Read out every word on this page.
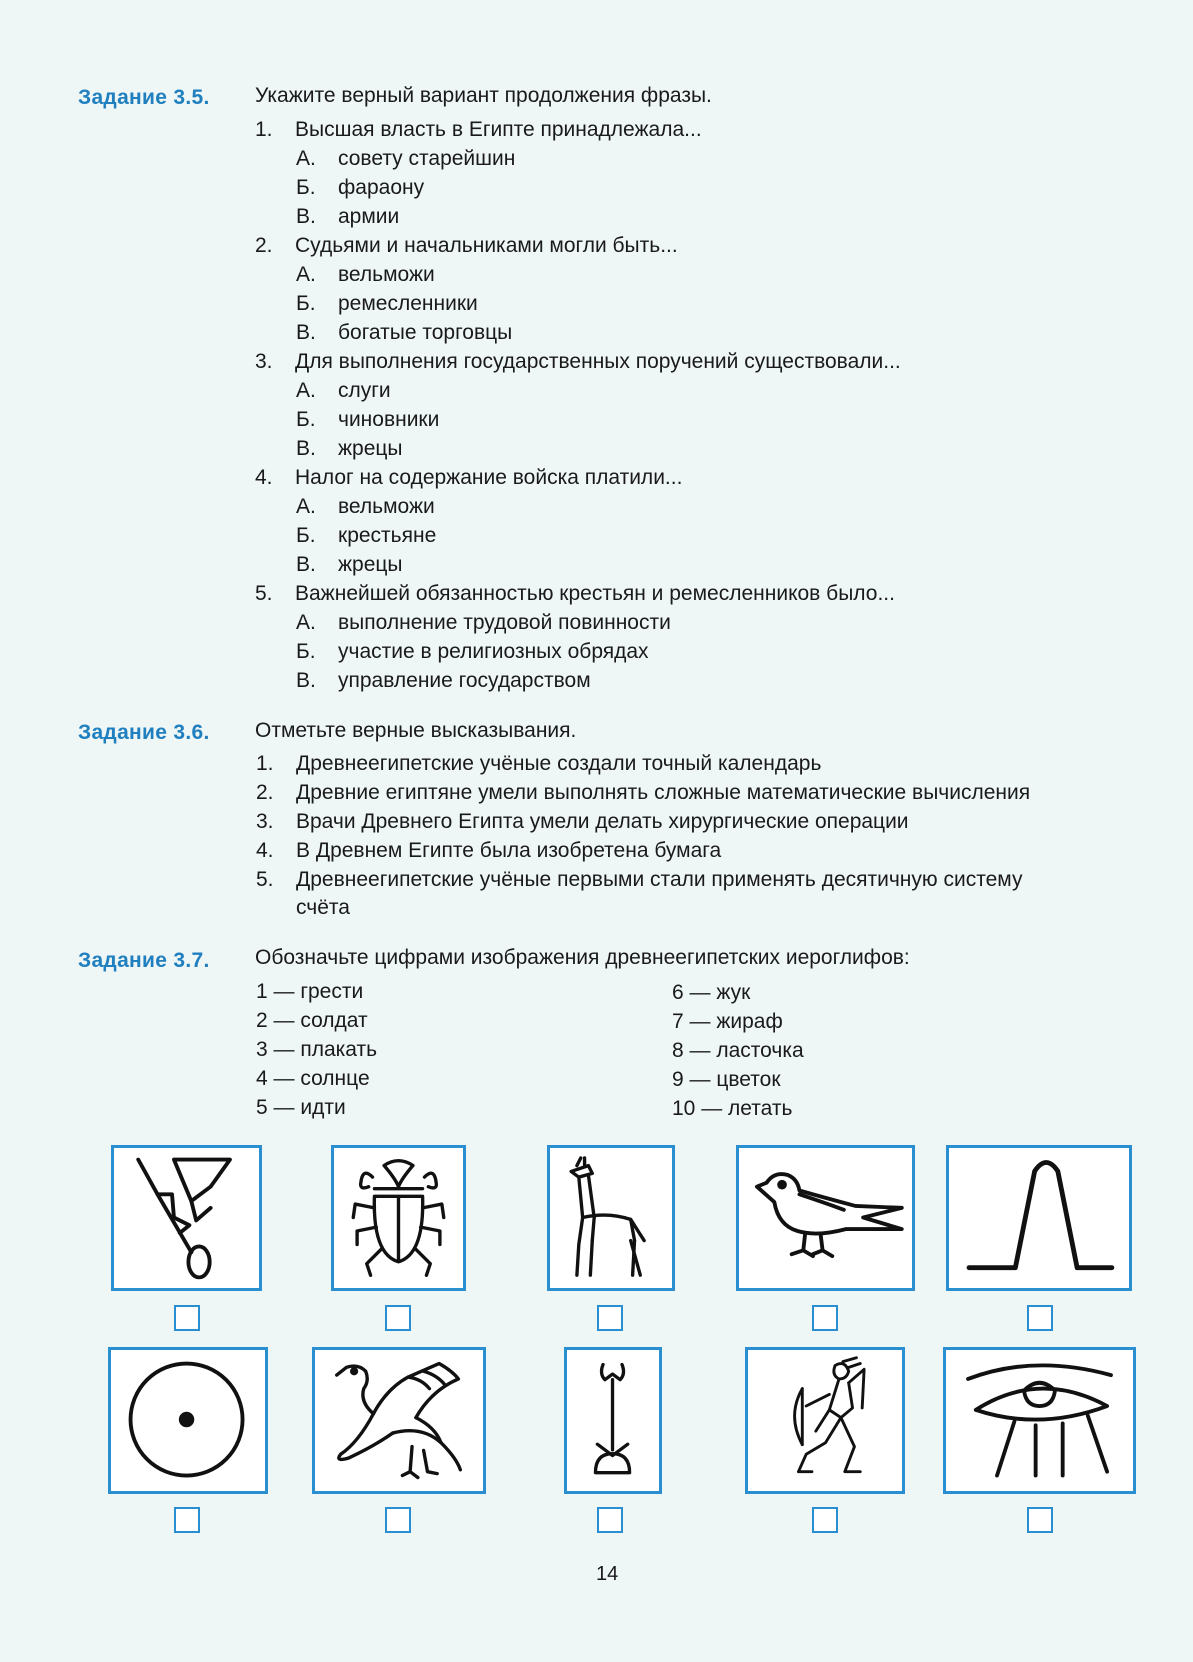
Задание 3.5.	Укажите верный вариант продолжения фразы.
1. Высшая власть в Египте принадлежала...
А. совету старейшин
Б. фараону
В. армии
2. Судьями и начальниками могли быть...
А. вельможи
Б. ремесленники
В. богатые торговцы
3. Для выполнения государственных поручений существовали...
А. слуги
Б. чиновники
В. жрецы
4. Налог на содержание войска платили...
А. вельможи
Б. крестьяне
В. жрецы
5. Важнейшей обязанностью крестьян и ремесленников было...
А. выполнение трудовой повинности
Б. участие в религиозных обрядах
В. управление государством
Задание 3.6.	Отметьте верные высказывания.
1. Древнеегипетские учёные создали точный календарь
2. Древние египтяне умели выполнять сложные математические вычисления
3. Врачи Древнего Египта умели делать хирургические операции
4. В Древнем Египте была изобретена бумага
5. Древнеегипетские учёные первыми стали применять десятичную систему
счёта
Задание 3.7.	Обозначьте цифрами изображения древнеегипетских иероглифов:
1 — грести
2 — солдат
3 — плакать
4 — солнце
5 — идти
6 — жук
7 — жираф
8 — ласточка
9 — цветок
10 — летать
14
